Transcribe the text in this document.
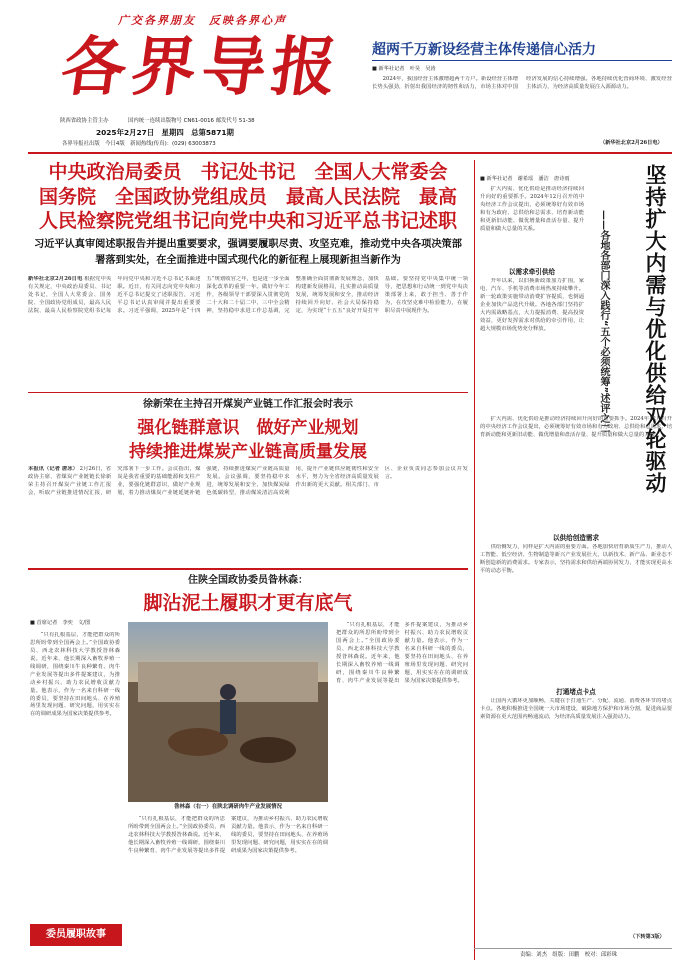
广交各界朋友　反映各界心声
各界导报
陕西省政协主管主办	国内统一连续出版物号 CN61-0016 邮发代号 51-38
2025年2月27日　星期四　总第5871期
各界导报社出版　今日4版　新闻热线(传真)：(029) 63003873
超两千万新设经营主体传递信心活力
■ 新华社记者　叶昊　吴涛
2024年，我国经营主体激增超两千万户。新设经营主体增长势头强劲，折射出我国经济的韧性和活力，市场主体对中国经济发展的信心持续增强。各地持续优化营商环境、激发经营主体活力，为经济高质量发展注入源源动力。
（新华社北京2月26日电）
中央政治局委员　书记处书记　全国人大常委会
国务院　全国政协党组成员　最高人民法院　最高
人民检察院党组书记向党中央和习近平总书记述职
习近平认真审阅述职报告并提出重要要求，强调要履职尽责、攻坚克难，推动党中央各项决策部署落到实处，在全面推进中国式现代化的新征程上展现新担当新作为
新华社北京2月26日电 根据党中央有关规定，中央政治局委员、书记处书记，全国人大常委会、国务院、全国政协党组成员，最高人民法院、最高人民检察院党组书记每年向党中央和习近平总书记书面述职。近日，有关同志向党中央和习近平总书记提交了述职报告，习近平总书记认真审阅并提出重要要求。习近平强调，2025年是“十四五”规划收官之年，也是进一步全面深化改革的重要一年。做好今年工作，各级领导干部要深入贯彻党的二十大和二十届二中、三中全会精神，坚持稳中求进工作总基调，完整准确全面贯彻新发展理念，加快构建新发展格局，扎实推动高质量发展，统筹发展和安全，推动经济持续回升向好、社会大局保持稳定，为实现“十五五”良好开局打牢基础。要坚持党中央集中统一领导，把思想和行动统一到党中央决策部署上来，敢于担当、善于作为，在攻坚克难中检验能力，在履职尽责中展现作为。
徐新荣在主持召开煤炭产业链工作汇报会时表示
强化链群意识　做好产业规划
持续推进煤炭产业链高质量发展
本报讯（记者 唐冰） 2月26日，省政协主席、省煤炭产业链链长徐新荣主持召开煤炭产业链工作汇报会，听取产业链推进情况汇报，研究部署下一步工作。会议指出，煤炭是我省重要的基础能源和支柱产业，要强化链群意识，做好产业规划，着力推动煤炭产业链延链补链强链，持续推进煤炭产业链高质量发展。会议强调，要坚持稳中求进，统筹发展和安全，加快煤炭绿色低碳转型，推动煤炭清洁高效利用，提升产业链供应链韧性和安全水平，努力为全省经济高质量发展作出新的更大贡献。相关部门、市区、企业负责同志参加会议并发言。
住陕全国政协委员昝林森：
脚沾泥土履职才更有底气
■ 首席记者　李奕　文/图
“只有扎根基层，才能把群众的所思所盼带到全国两会上。”全国政协委员、西北农林科技大学教授昝林森说。近年来，他长期深入畜牧养殖一线调研，围绕秦川牛良种繁育、肉牛产业发展等提出多件提案建议，为推动乡村振兴、助力农民增收贡献力量。他表示，作为一名来自科研一线的委员，要坚持在田间地头、在养殖场里发现问题、研究问题，用实实在在的调研成果为国家决策提供参考。
昝林森（右一）在陕北调研肉牛产业发展情况
“只有扎根基层，才能把群众的所思所盼带到全国两会上。”全国政协委员、西北农林科技大学教授昝林森说。近年来，他长期深入畜牧养殖一线调研，围绕秦川牛良种繁育、肉牛产业发展等提出多件提案建议，为推动乡村振兴、助力农民增收贡献力量。他表示，作为一名来自科研一线的委员，要坚持在田间地头、在养殖场里发现问题、研究问题，用实实在在的调研成果为国家决策提供参考。
“只有扎根基层，才能把群众的所思所盼带到全国两会上。”全国政协委员、西北农林科技大学教授昝林森说。近年来，他长期深入畜牧养殖一线调研，围绕秦川牛良种繁育、肉牛产业发展等提出多件提案建议，为推动乡村振兴、助力农民增收贡献力量。他表示，作为一名来自科研一线的委员，要坚持在田间地头、在养殖场里发现问题、研究问题，用实实在在的调研成果为国家决策提供参考。
委员履职故事
坚持扩大内需与优化供给双轮驱动
——各地各部门深入践行“五个必须统筹”述评之二
■ 新华社记者　谢希瑶　潘洁　唐诗雨
扩大内需、优化供给是推动经济持续回升向好的重要抓手。2024年12月召开的中央经济工作会议提出，必须统筹好有效市场和有为政府、总供给和总需求、培育新动能和更新旧动能、做优增量和盘活存量、提升质量和做大总量的关系。
以需求牵引供给
开年以来，以旧换新政策加力扩围，家电、汽车、手机等消费市场热度持续攀升。新一轮政策实施带动消费扩容提质，也倒逼企业加快产品迭代升级。各地各部门坚持扩大内需战略基点，大力提振消费、提高投资效益，更好发挥需求对供给的牵引作用，让超大规模市场优势充分释放。
扩大内需、优化供给是推动经济持续回升向好的重要抓手。2024年12月召开的中央经济工作会议提出，必须统筹好有效市场和有为政府、总供给和总需求、培育新动能和更新旧动能、做优增量和盘活存量、提升质量和做大总量的关系。
以供给创造需求
供给侧发力，同样是扩大内需的重要方面。各地加快培育新质生产力，推动人工智能、低空经济、生物制造等新兴产业发展壮大，以新技术、新产品、新业态不断创造新的消费需求。专家表示，坚持需求和供给两端协同发力，才能实现更高水平的动态平衡。
打通堵点卡点
让国内大循环更加顺畅，关键在于打通生产、分配、流通、消费各环节的堵点卡点。各地积极推进全国统一大市场建设，破除地方保护和市场分割，促进商品要素资源在更大范围内畅通流动，为经济高质量发展注入强劲动力。
（下转第3版）
责编：刘杰　组版：田鹏　校对：邱彩珠
